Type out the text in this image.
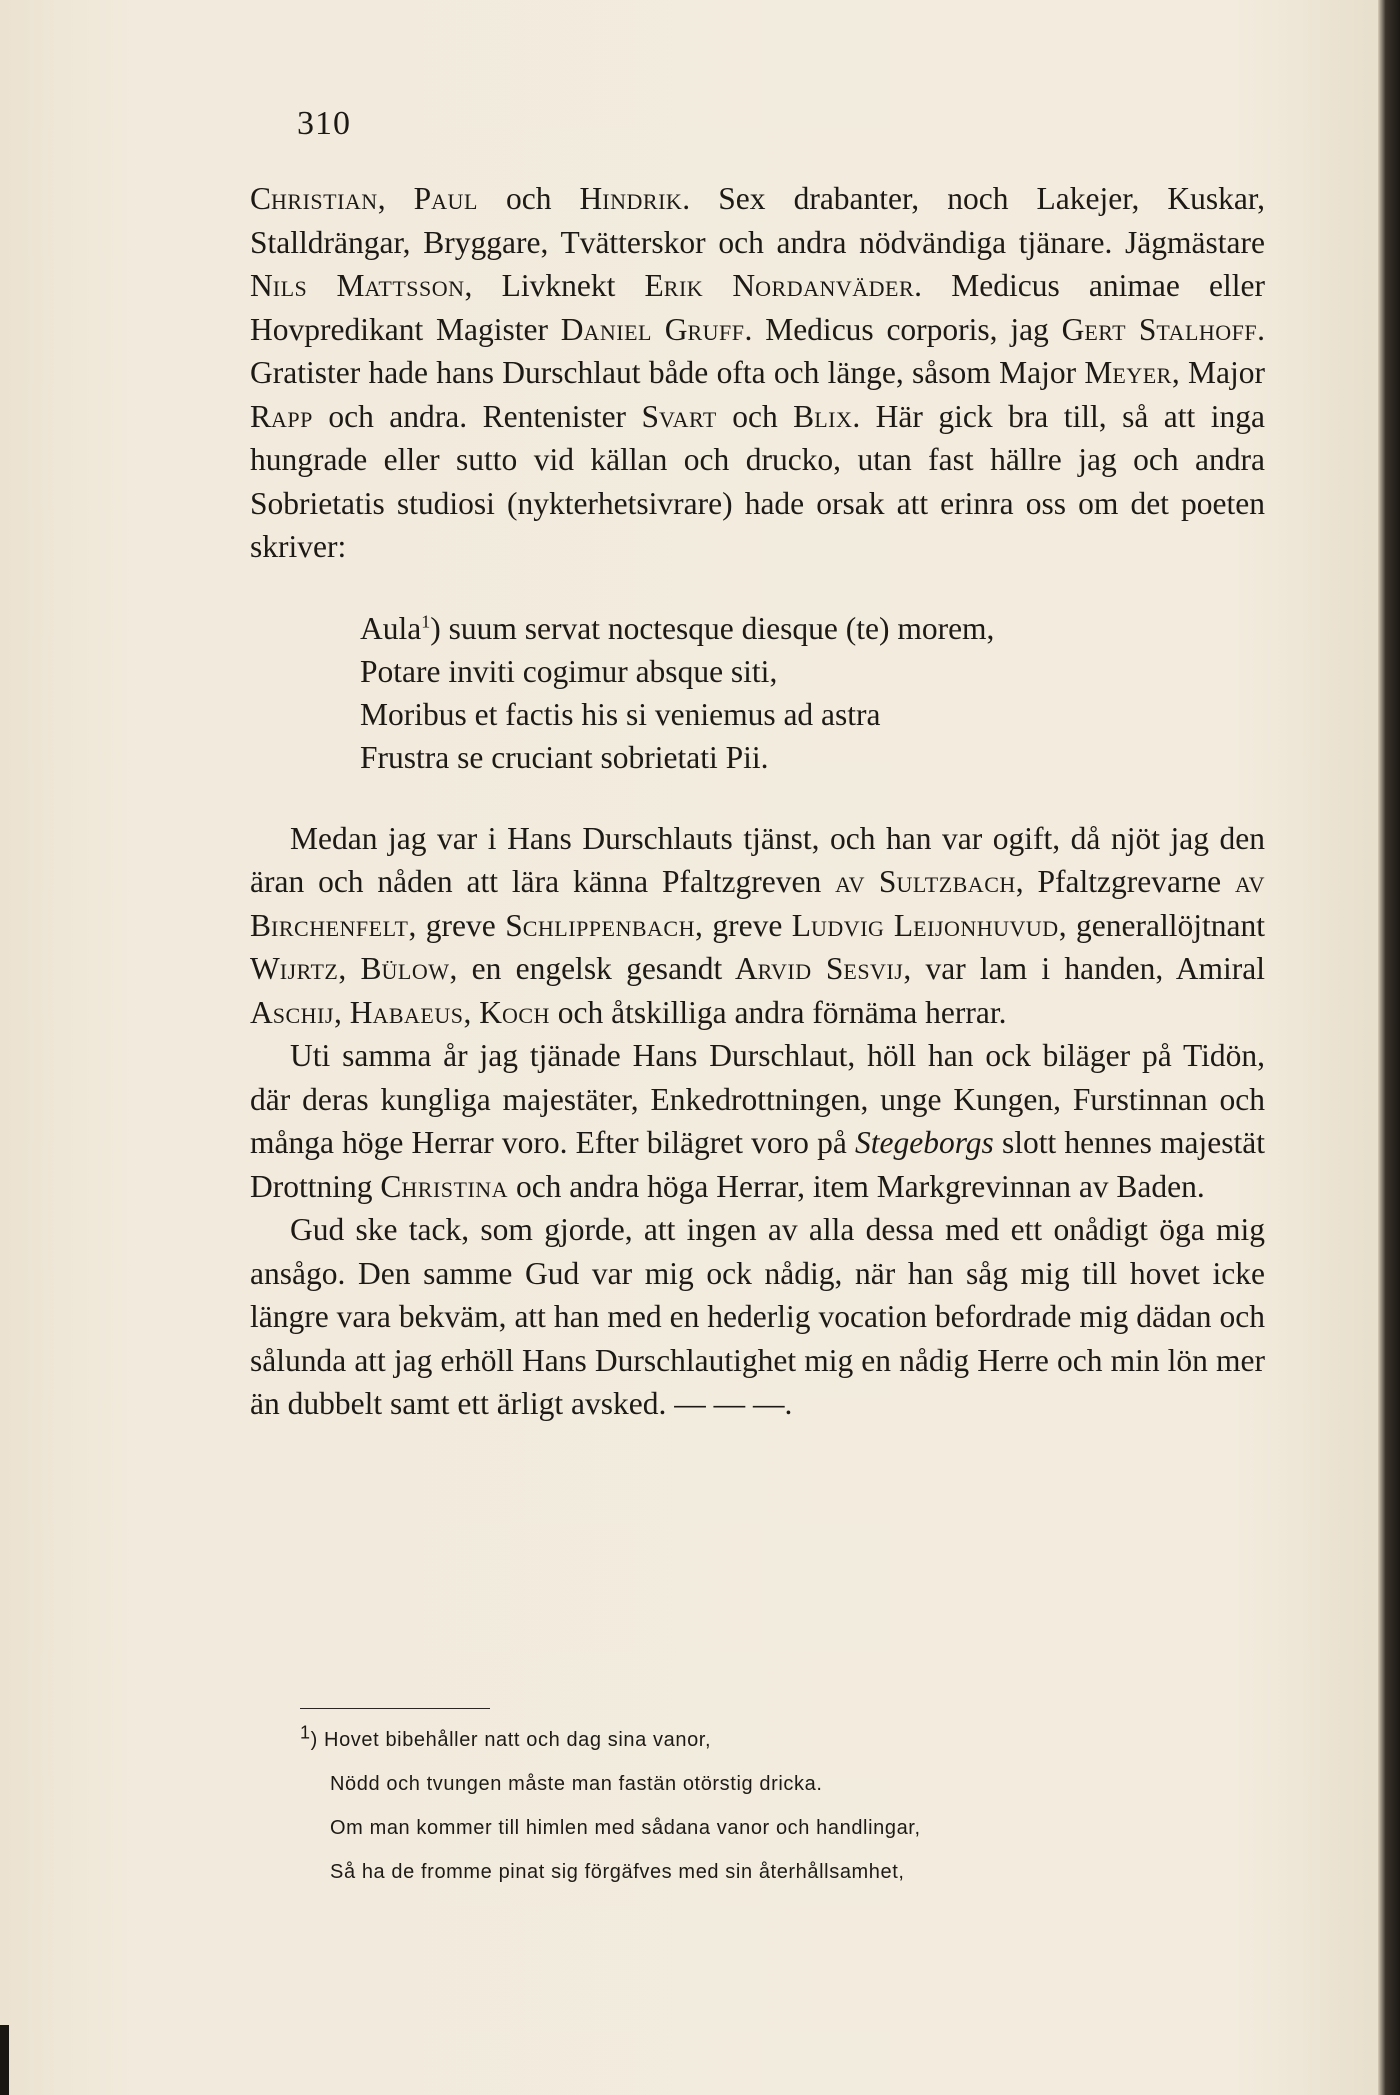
310

Christian, Paul och Hindrik. Sex drabanter, noch Lakejer, Kuskar, Stalldrängar, Bryggare, Tvätterskor och andra nödvändiga tjänare. Jägmästare Nils Mattsson, Livknekt Erik Nordanväder. Medicus animae eller Hovpredikant Magister Daniel Gruff. Medicus corporis, jag Gert Stalhoff. Gratister hade hans Durschlaut både ofta och länge, såsom Major Meyer, Major Rapp och andra. Rentenister Svart och Blix. Här gick bra till, så att inga hungrade eller sutto vid källan och drucko, utan fast hällre jag och andra Sobrietatis studiosi (nykterhetsivrare) hade orsak att erinra oss om det poeten skriver:

Aula$^1$) suum servat noctesque diesque (te) morem,
Potare inviti cogimur absque siti,
Moribus et factis his si veniemus ad astra
Frustra se cruciant sobrietati Pii.

Medan jag var i Hans Durschlauts tjänst, och han var ogift, då njöt jag den äran och nåden att lära känna Pfaltzgreven av Sultzbach, Pfaltzgrevarne av Birchenfelt, greve Schlippenbach, greve Ludvig Leijonhuvud, generallöjtnant Wijrtz, Bülow, en engelsk gesandt Arvid Sesvij, var lam i handen, Amiral Aschij, Habaeus, Koch och åtskilliga andra förnäma herrar.

Uti samma år jag tjänade Hans Durschlaut, höll han ock biläger på Tidön, där deras kungliga majestäter, Enkedrottningen, unge Kungen, Furstinnan och många höge Herrar voro. Efter bilägret voro på Stegeborgs slott hennes majestät Drottning Christina och andra höga Herrar, item Markgrevinnan av Baden.

Gud ske tack, som gjorde, att ingen av alla dessa med ett onådigt öga mig ansågo. Den samme Gud var mig ock nådig, när han såg mig till hovet icke längre vara bekväm, att han med en hederlig vocation befordrade mig dädan och sålunda att jag erhöll Hans Durschlautighet mig en nådig Herre och min lön mer än dubbelt samt ett ärligt avsked. — — —.

$^1$) Hovet bibehåller natt och dag sina vanor,
Nödd och tvungen måste man fastän otörstig dricka.
Om man kommer till himlen med sådana vanor och handlingar,
Så ha de fromme pinat sig förgäfves med sin återhållsamhet,
